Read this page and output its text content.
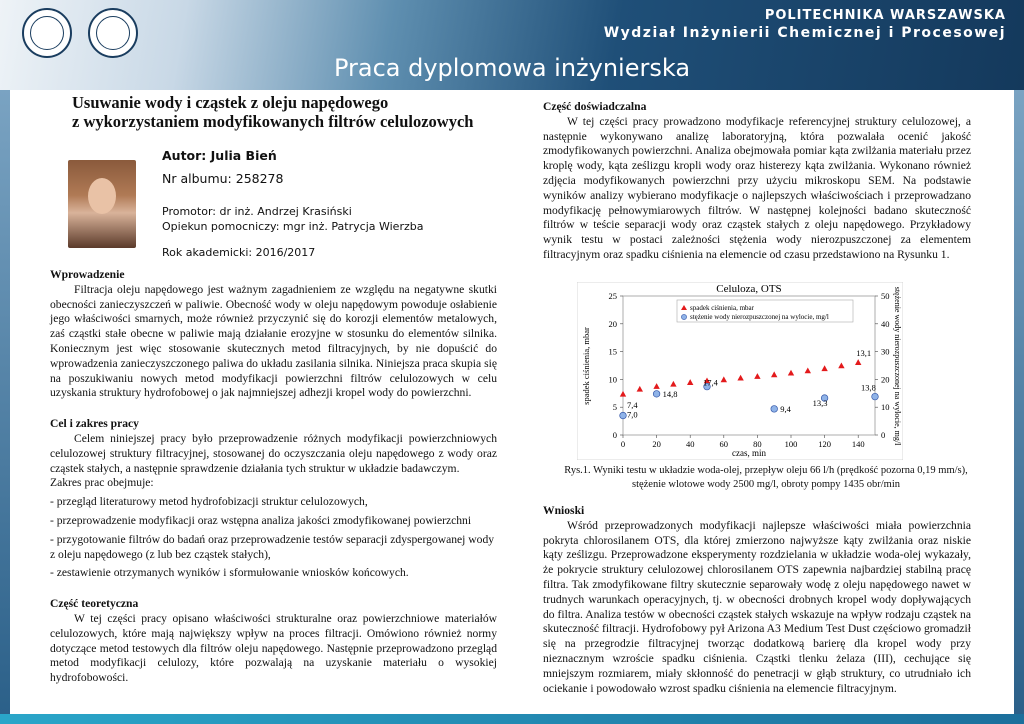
POLITECHNIKA WARSZAWSKA
Wydział Inżynierii Chemicznej i Procesowej
Praca dyplomowa inżynierska
Usuwanie wody i cząstek z oleju napędowego
z wykorzystaniem modyfikowanych filtrów celulozowych
Autor: Julia Bień
Nr albumu: 258278
Promotor: dr inż. Andrzej Krasiński
Opiekun pomocniczy: mgr inż. Patrycja Wierzba
Rok akademicki: 2016/2017
Wprowadzenie

Filtracja oleju napędowego jest ważnym zagadnieniem ze względu na negatywne skutki obecności zanieczyszczeń w paliwie. Obecność wody w oleju napędowym powoduje osłabienie jego właściwości smarnych, może również przyczynić się do korozji elementów metalowych, zaś cząstki stałe obecne w paliwie mają działanie erozyjne w stosunku do elementów silnika. Koniecznym jest więc stosowanie skutecznych metod filtracyjnych, by nie dopuścić do wprowadzenia zanieczyszczonego paliwa do układu zasilania silnika. Niniejsza praca skupia się na poszukiwaniu nowych metod modyfikacji powierzchni filtrów celulozowych w celu uzyskania struktury hydrofobowej o jak najmniejszej adhezji kropel wody do powierzchni.

Cel i zakres pracy

Celem niniejszej pracy było przeprowadzenie różnych modyfikacji powierzchniowych celulozowej struktury filtracyjnej, stosowanej do oczyszczania oleju napędowego z wody oraz cząstek stałych, a następnie sprawdzenie działania tych struktur w układzie badawczym.

Zakres prac obejmuje:

- przegląd literaturowy metod hydrofobizacji struktur celulozowych,

- przeprowadzenie modyfikacji oraz wstępna analiza jakości zmodyfikowanej powierzchni

- przygotowanie filtrów do badań oraz przeprowadzenie testów separacji zdyspergowanej wody z oleju napędowego (z lub bez cząstek stałych),

- zestawienie otrzymanych wyników i sformułowanie wniosków końcowych.

Część teoretyczna

W tej części pracy opisano właściwości strukturalne oraz powierzchniowe materiałów celulozowych, które mają największy wpływ na proces filtracji. Omówiono również normy dotyczące metod testowych dla filtrów oleju napędowego. Następnie przeprowadzono przegląd metod modyfikacji celulozy, które pozwalają na uzyskanie materiału o wysokiej hydrofobowości.

Część doświadczalna

W tej części pracy prowadzono modyfikacje referencyjnej struktury celulozowej, a następnie wykonywano analizę laboratoryjną, która pozwalała ocenić jakość zmodyfikowanych powierzchni. Analiza obejmowała pomiar kąta zwilżania materiału przez kroplę wody, kąta ześlizgu kropli wody oraz histerezy kąta zwilżania. Wykonano również zdjęcia modyfikowanych powierzchni przy użyciu mikroskopu SEM. Na podstawie wyników analizy wybierano modyfikacje o najlepszych właściwościach i przeprowadzano modyfikację pełnowymiarowych filtrów. W następnej kolejności badano skuteczność filtrów w teście separacji wody oraz cząstek stałych z oleju napędowego. Przykładowy wynik testu w postaci zależności stężenia wody nierozpuszczonej za elementem filtracyjnym oraz spadku ciśnienia na elemencie od czasu przedstawiono na Rysunku 1.

Celuloza, OTS
czas, min
spadek ciśnienia, mbar	stężenie wody nierozpuszczonej na wylocie, mg/l
0	20	40	60	80	100 120 140
0
5
10
15
20
25
0
10
20
30
40
50
7,4
7,0
14,8
17,4
9,4
13,3
13,8
13,1
spadek ciśnienia, mbar
stężenie wody nierozpuszczonej na wylocie, mg/l
Rys.1. Wyniki testu w układzie woda-olej, przepływ oleju 66 l/h (prędkość pozorna 0,19 mm/s),
stężenie wlotowe wody 2500 mg/l, obroty pompy 1435 obr/min
Wnioski

Wśród przeprowadzonych modyfikacji najlepsze właściwości miała powierzchnia pokryta chlorosilanem OTS, dla której zmierzono najwyższe kąty zwilżania oraz niskie kąty ześlizgu. Przeprowadzone eksperymenty rozdzielania w układzie woda-olej wykazały, że pokrycie struktury celulozowej chlorosilanem OTS zapewnia najbardziej stabilną pracę filtra. Tak zmodyfikowane filtry skutecznie separowały wodę z oleju napędowego nawet w trudnych warunkach operacyjnych, tj. w obecności drobnych kropel wody dopływających do filtra. Analiza testów w obecności cząstek stałych wskazuje na wpływ rodzaju cząstek na skuteczność filtracji. Hydrofobowy pył Arizona A3 Medium Test Dust częściowo gromadził się na przegrodzie filtracyjnej tworząc dodatkową barierę dla kropel wody przy nieznacznym wzroście spadku ciśnienia. Cząstki tlenku żelaza (III), cechujące się mniejszym rozmiarem, miały skłonność do penetracji w głąb struktury, co utrudniało ich ociekanie i powodowało wzrost spadku ciśnienia na elemencie filtracyjnym.
